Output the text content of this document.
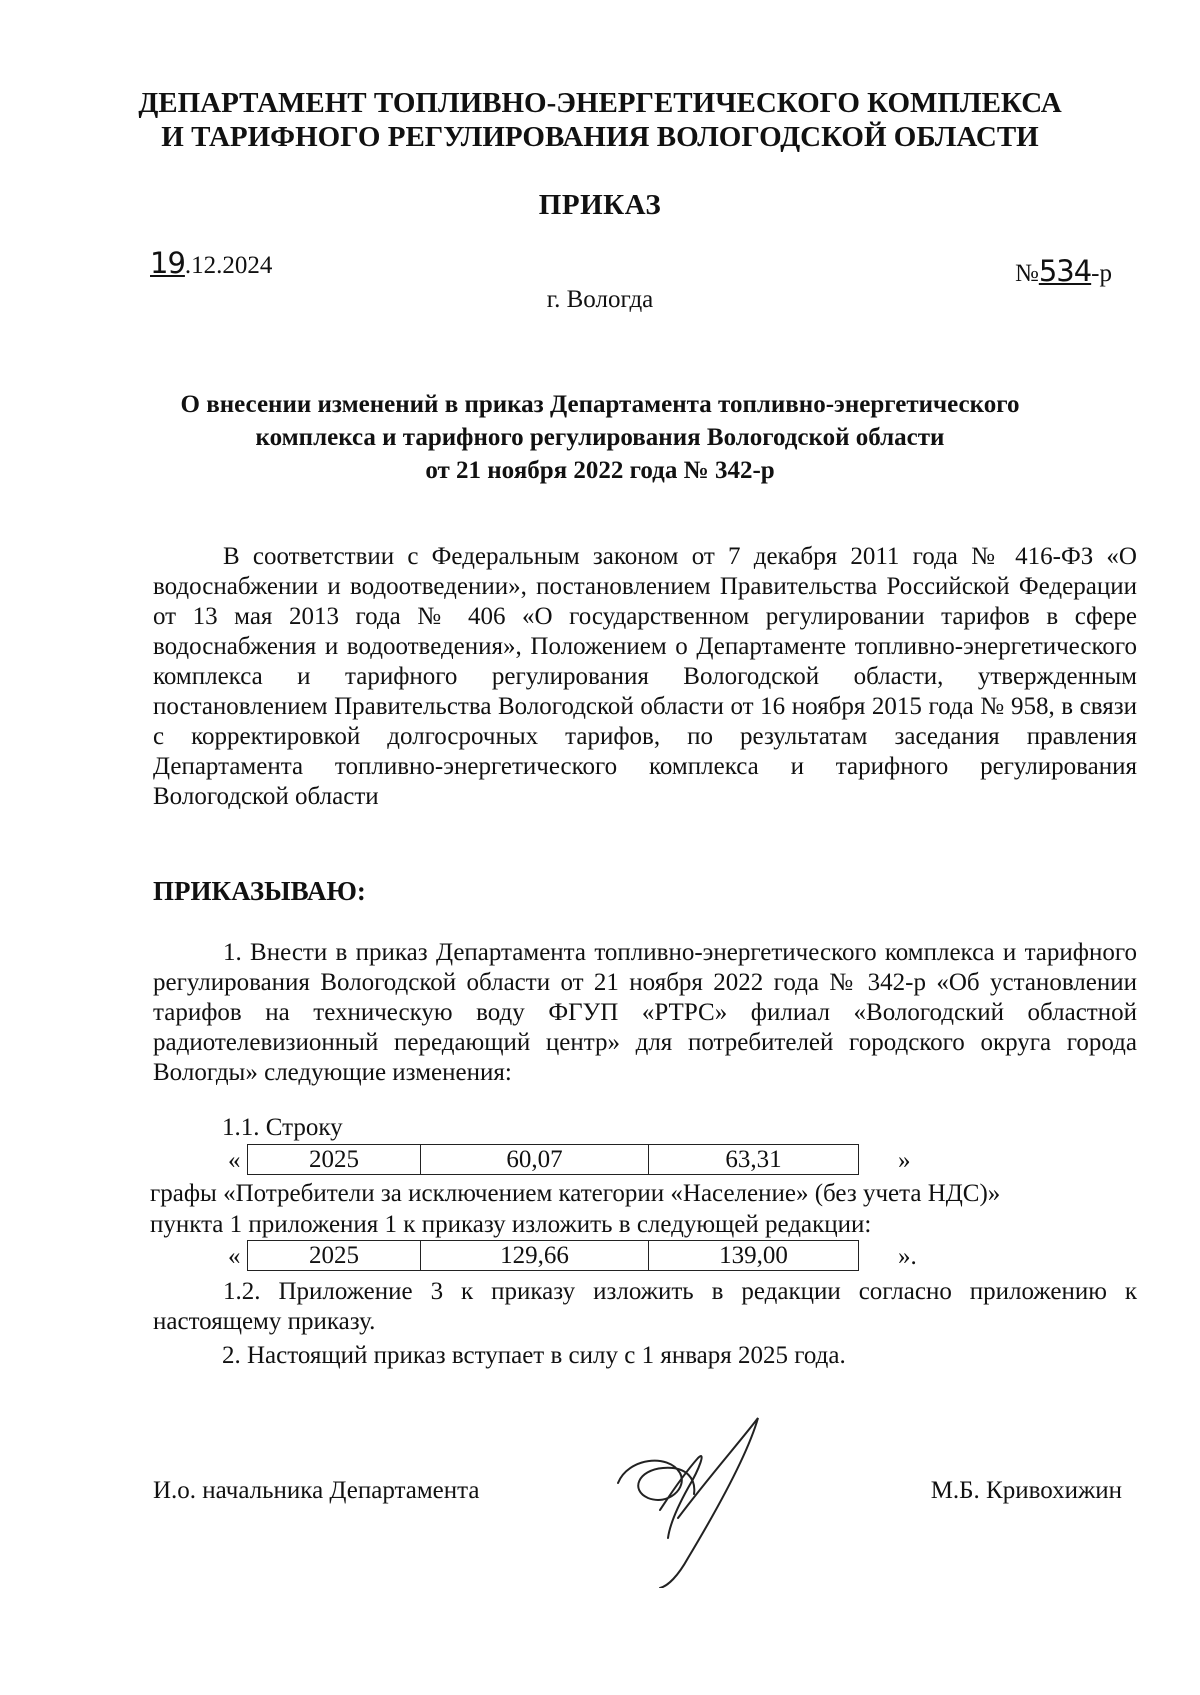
ДЕПАРТАМЕНТ ТОПЛИВНО-ЭНЕРГЕТИЧЕСКОГО КОМПЛЕКСА
И ТАРИФНОГО РЕГУЛИРОВАНИЯ ВОЛОГОДСКОЙ ОБЛАСТИ
ПРИКАЗ
19.12.2024	№534-р
г. Вологда
О внесении изменений в приказ Департамента топливно-энергетического
комплекса и тарифного регулирования Вологодской области
от 21 ноября 2022 года № 342-р
В соответствии с Федеральным законом от 7 декабря 2011 года № 416-ФЗ «О водоснабжении и водоотведении», постановлением Правительства Российской Федерации от 13 мая 2013 года № 406 «О государственном регулировании тарифов в сфере водоснабжения и водоотведения», Положением о Департаменте топливно-энергетического комплекса и тарифного регулирования Вологодской области, утвержденным постановлением Правительства Вологодской области от 16 ноября 2015 года № 958, в связи с корректировкой долгосрочных тарифов, по результатам заседания правления Департамента топливно-энергетического комплекса и тарифного регулирования Вологодской области
ПРИКАЗЫВАЮ:
1. Внести в приказ Департамента топливно-энергетического комплекса и тарифного регулирования Вологодской области от 21 ноября 2022 года № 342-р «Об установлении тарифов на техническую воду ФГУП «РТРС» филиал «Вологодский областной радиотелевизионный передающий центр» для потребителей городского округа города Вологды» следующие изменения:
1.1. Строку
«	2025	60,07	63,31	»
графы «Потребители за исключением категории «Население» (без учета НДС)»
пункта 1 приложения 1 к приказу изложить в следующей редакции:
«	2025	129,66	139,00	».
1.2. Приложение 3 к приказу изложить в редакции согласно приложению к настоящему приказу.
2. Настоящий приказ вступает в силу с 1 января 2025 года.
И.о. начальника Департамента	М.Б. Кривохижин
